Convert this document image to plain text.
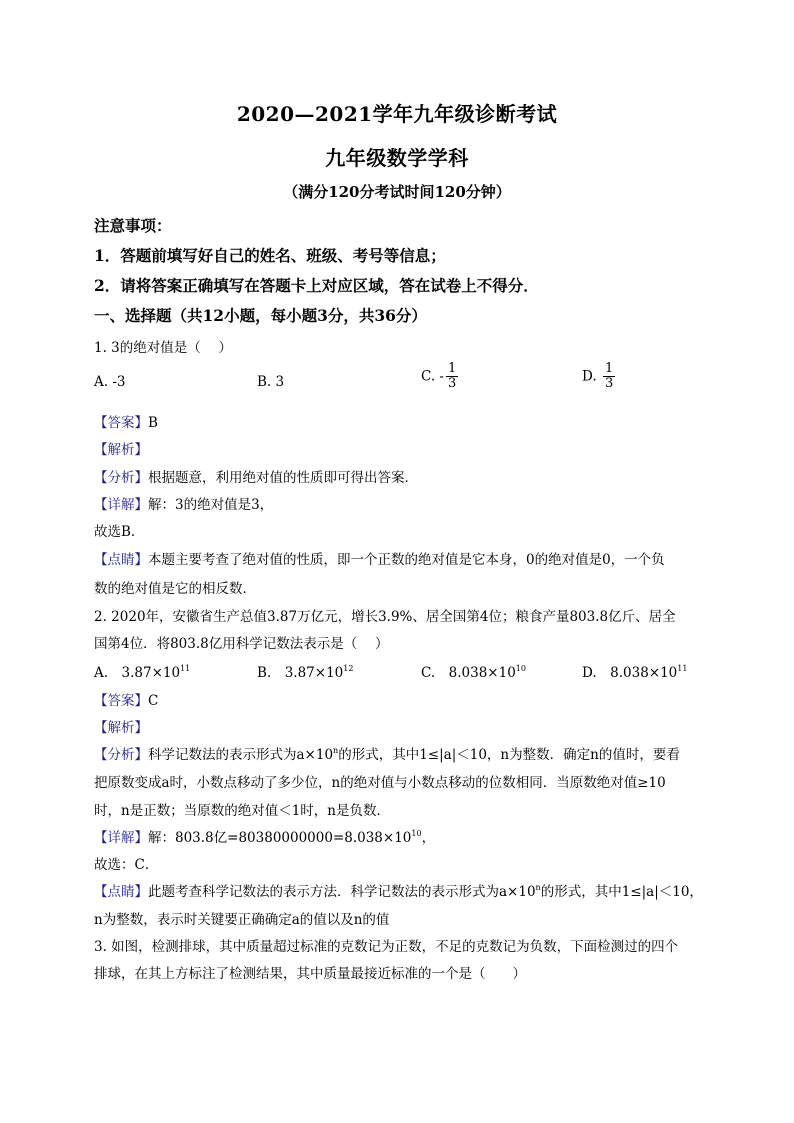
2020—2021学年九年级诊断考试
九年级数学学科
（满分120分考试时间120分钟）
注意事项：
1．答题前填写好自己的姓名、班级、考号等信息；
2．请将答案正确填写在答题卡上对应区域，答在试卷上不得分．
一、选择题（共12小题，每小题3分，共36分）
1. 3的绝对值是（　 ）
A. -3	B. 3	C. - $\frac{1}{3}$	D. $\frac{1}{3}$
【答案】B
【解析】
【分析】根据题意，利用绝对值的性质即可得出答案．
【详解】解：3的绝对值是3，
故选B．
【点睛】本题主要考查了绝对值的性质，即一个正数的绝对值是它本身，0的绝对值是0，一个负
数的绝对值是它的相反数．
2. 2020年，安徽省生产总值3.87万亿元，增长3.9%、居全国第4位；粮食产量803.8亿斤、居全
国第4位．将803.8亿用科学记数法表示是（　 ）
A.　$3.87\times 10^{11}$	B.　$3.87\times 10^{12}$	C.　$8.038\times 10^{10}$	D.　$8.038\times 10^{11}$
【答案】C
【解析】
【分析】科学记数法的表示形式为$a\times 10^n$的形式，其中1≤|a|＜10，n为整数．确定n的值时，要看
把原数变成a时，小数点移动了多少位，n的绝对值与小数点移动的位数相同．当原数绝对值≥10
时，n是正数；当原数的绝对值＜1时，n是负数．
【详解】解：803.8亿$=80380000000=8.038\times 10^{10}$，
故选：C．
【点睛】此题考查科学记数法的表示方法．科学记数法的表示形式为$a\times 10^n$的形式，其中1≤|a|＜10，
n为整数，表示时关键要正确确定a的值以及n的值
3. 如图，检测排球，其中质量超过标准的克数记为正数，不足的克数记为负数，下面检测过的四个
排球，在其上方标注了检测结果，其中质量最接近标准的一个是（　　）
